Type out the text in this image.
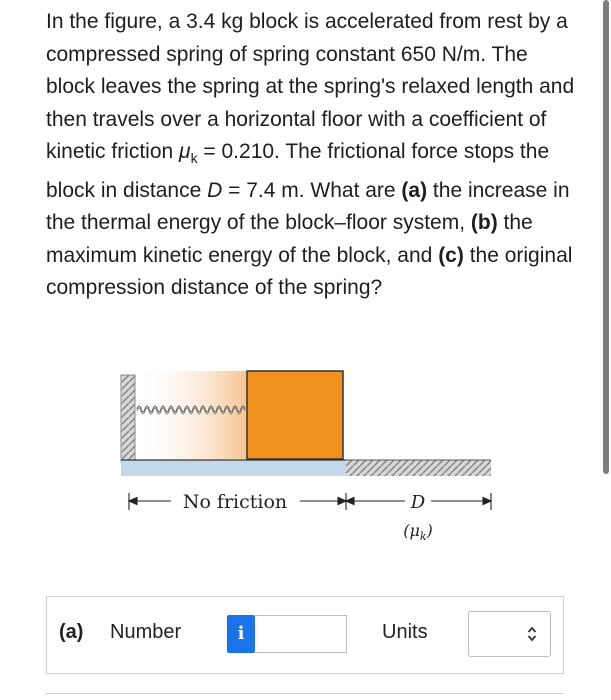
In the figure, a 3.4 kg block is accelerated from rest by a compressed spring of spring constant 650 N/m. The block leaves the spring at the spring's relaxed length and then travels over a horizontal floor with a coefficient of kinetic friction $\mu_k = 0.210$. The frictional force stops the block in distance D = 7.4 m. What are (a) the increase in the thermal energy of the block–floor system, (b) the maximum kinetic energy of the block, and (c) the original compression distance of the spring?
No friction	D
$(\mu_k)$
(a) Number	i	Units
